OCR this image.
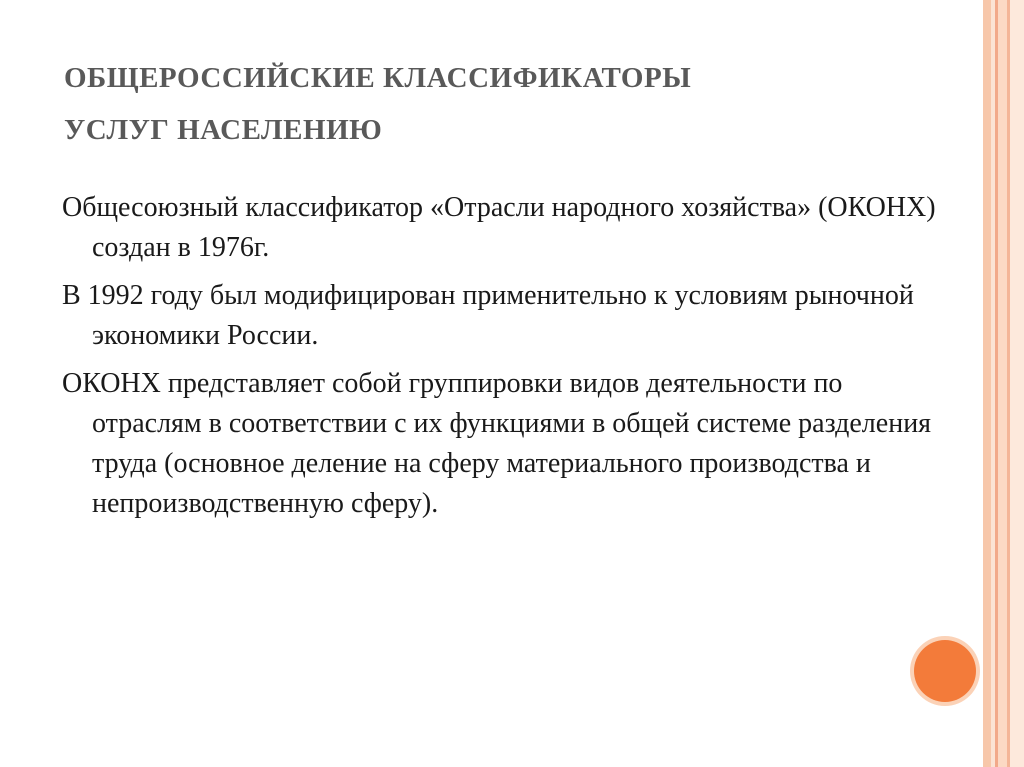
ОБЩЕРОССИЙСКИЕ КЛАССИФИКАТОРЫ
УСЛУГ НАСЕЛЕНИЮ

Общесоюзный классификатор «Отрасли народного хозяйства» (ОКОНХ) создан в 1976г.

В 1992 году был модифицирован применительно к условиям рыночной экономики России.

ОКОНХ представляет собой группировки видов деятельности по отраслям в соответствии с их функциями в общей системе разделения труда (основное деление на сферу материального производства и непроизводственную сферу).
